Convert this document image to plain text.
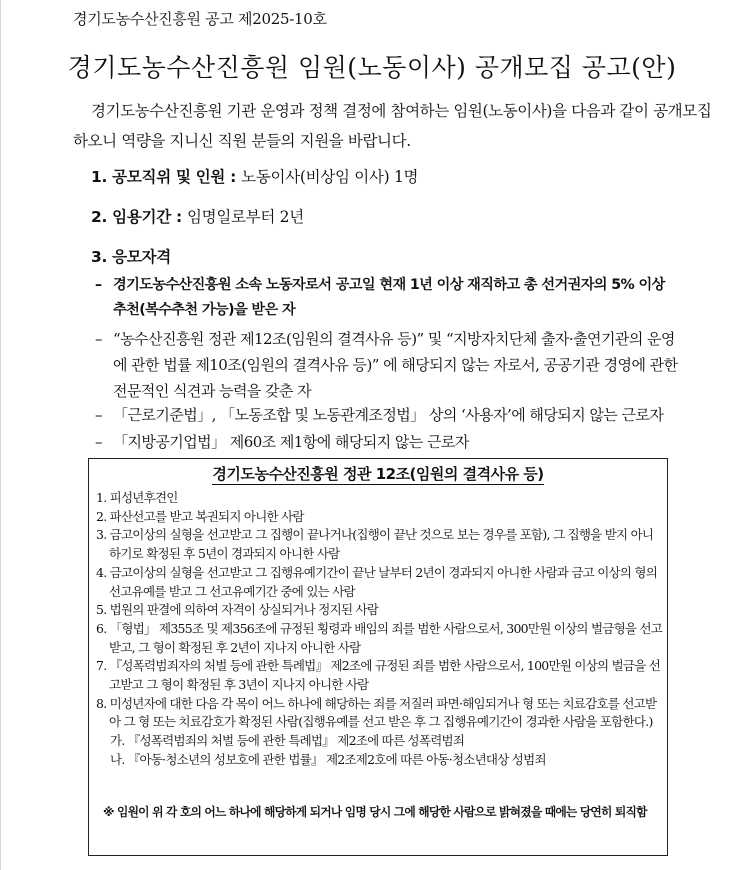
경기도농수산진흥원 공고 제2025-10호
경기도농수산진흥원 임원(노동이사) 공개모집 공고(안)

경기도농수산진흥원 기관 운영과 정책 결정에 참여하는 임원(노동이사)을 다음과 같이 공개모집 하오니 역량을 지니신 직원 분들의 지원을 바랍니다.

1. 공모직위 및 인원 : 노동이사(비상임 이사) 1명
2. 임용기간 : 임명일로부터 2년
3. 응모자격
– 경기도농수산진흥원 소속 노동자로서 공고일 현재 1년 이상 재직하고 총 선거권자의 5% 이상 추천(복수추천 가능)을 받은 자
– “농수산진흥원 정관 제12조(임원의 결격사유 등)” 및 “지방자치단체 출자·출연기관의 운영에 관한 법률 제10조(임원의 결격사유 등)” 에 해당되지 않는 자로서, 공공기관 경영에 관한 전문적인 식견과 능력을 갖춘 자
– 「근로기준법」, 「노동조합 및 노동관계조정법」 상의 ‘사용자’에 해당되지 않는 근로자
– 「지방공기업법」 제60조 제1항에 해당되지 않는 근로자
경기도농수산진흥원 정관 12조(임원의 결격사유 등)
1. 피성년후견인
2. 파산선고를 받고 복권되지 아니한 사람
3. 금고이상의 실형을 선고받고 그 집행이 끝나거나(집행이 끝난 것으로 보는 경우를 포함), 그 집행을 받지 아니 하기로 확정된 후 5년이 경과되지 아니한 사람
4. 금고이상의 실형을 선고받고 그 집행유예기간이 끝난 날부터 2년이 경과되지 아니한 사람과 금고 이상의 형의 선고유예를 받고 그 선고유예기간 중에 있는 사람
5. 법원의 판결에 의하여 자격이 상실되거나 정지된 사람
6. 「형법」 제355조 및 제356조에 규정된 횡령과 배임의 죄를 범한 사람으로서, 300만원 이상의 벌금형을 선고받고, 그 형이 확정된 후 2년이 지나지 아니한 사람
7. 『성폭력범죄자의 처벌 등에 관한 특례법』 제2조에 규정된 죄를 범한 사람으로서, 100만원 이상의 벌금을 선고받고 그 형이 확정된 후 3년이 지나지 아니한 사람
8. 미성년자에 대한 다음 각 목이 어느 하나에 해당하는 죄를 저질러 파면·해임되거나 형 또는 치료감호를 선고받아 그 형 또는 치료감호가 확정된 사람(집행유예를 선고 받은 후 그 집행유예기간이 경과한 사람을 포함한다.)
가. 『성폭력범죄의 처벌 등에 관한 특례법』 제2조에 따른 성폭력범죄
나. 『아동·청소년의 성보호에 관한 법률』 제2조제2호에 따른 아동·청소년대상 성범죄
※ 임원이 위 각 호의 어느 하나에 해당하게 되거나 임명 당시 그에 해당한 사람으로 밝혀졌을 때에는 당연히 퇴직함
